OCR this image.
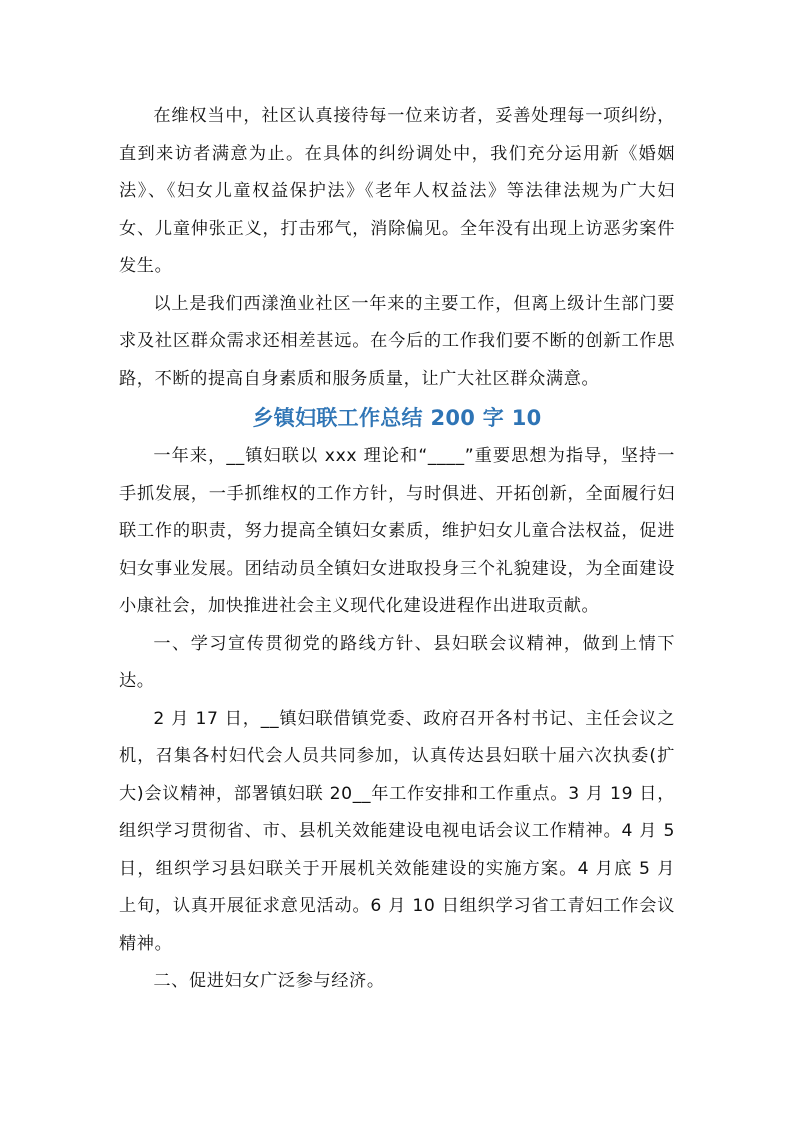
在维权当中，社区认真接待每一位来访者，妥善处理每一项纠纷，直到来访者满意为止。在具体的纠纷调处中，我们充分运用新《婚姻法》、《妇女儿童权益保护法》《老年人权益法》等法律法规为广大妇女、儿童伸张正义，打击邪气，消除偏见。全年没有出现上访恶劣案件发生。

以上是我们西漾渔业社区一年来的主要工作，但离上级计生部门要求及社区群众需求还相差甚远。在今后的工作我们要不断的创新工作思路，不断的提高自身素质和服务质量，让广大社区群众满意。

乡镇妇联工作总结 200 字 10

一年来，__镇妇联以 xxx 理论和“____”重要思想为指导，坚持一手抓发展，一手抓维权的工作方针，与时俱进、开拓创新，全面履行妇联工作的职责，努力提高全镇妇女素质，维护妇女儿童合法权益，促进妇女事业发展。团结动员全镇妇女进取投身三个礼貌建设，为全面建设小康社会，加快推进社会主义现代化建设进程作出进取贡献。

一、学习宣传贯彻党的路线方针、县妇联会议精神，做到上情下达。

2 月 17 日，__镇妇联借镇党委、政府召开各村书记、主任会议之机，召集各村妇代会人员共同参加，认真传达县妇联十届六次执委(扩大)会议精神，部署镇妇联 20__年工作安排和工作重点。3 月 19 日，组织学习贯彻省、市、县机关效能建设电视电话会议工作精神。4 月 5 日，组织学习县妇联关于开展机关效能建设的实施方案。4 月底 5 月上旬，认真开展征求意见活动。6 月 10 日组织学习省工青妇工作会议精神。

二、促进妇女广泛参与经济。
